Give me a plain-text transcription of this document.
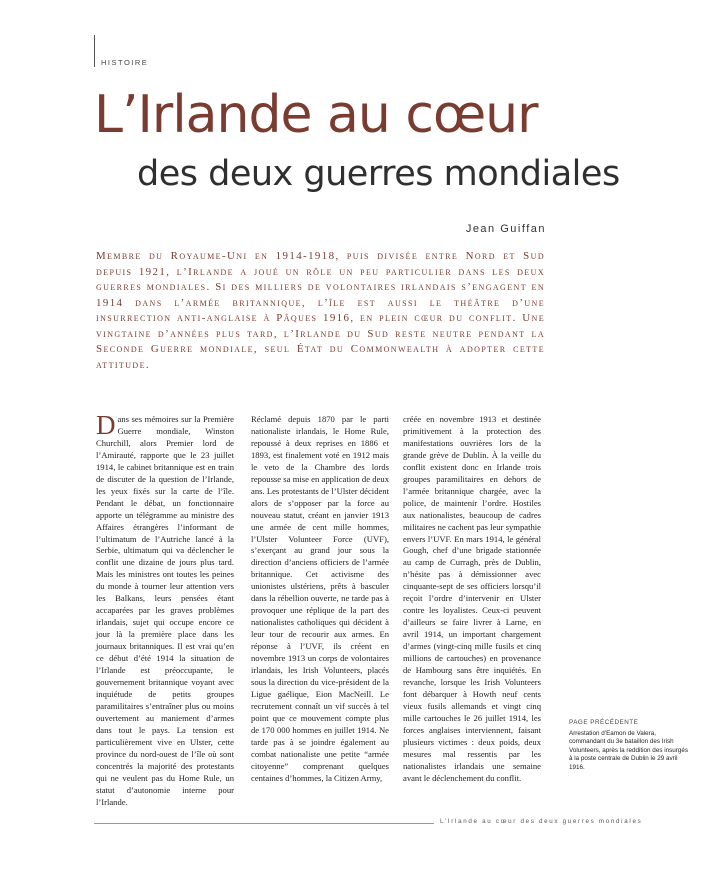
HISTOIRE
L’Irlande au cœur
des deux guerres mondiales
Jean Guiffan
Membre du Royaume-Uni en 1914-1918, puis divisée entre Nord et Sud depuis 1921, l’Irlande a joué un rôle un peu particulier dans les deux guerres mondiales. Si des milliers de volontaires irlandais s’engagent en 1914 dans l’armée britannique, l’île est aussi le théâtre d’une insurrection anti-anglaise à Pâques 1916, en plein cœur du conflit. Une vingtaine d’années plus tard, l’Irlande du Sud reste neutre pendant la Seconde Guerre mondiale, seul État du Commonwealth à adopter cette attitude.

Dans ses mémoires sur la Première Guerre mondiale, Winston Churchill, alors Premier lord de l’Amirauté, rapporte que le 23 juillet 1914, le cabinet britannique est en train de discuter de la question de l’Irlande, les yeux fixés sur la carte de l’île. Pendant le débat, un fonctionnaire apporte un télégramme au ministre des Affaires étrangères l’informant de l’ultimatum de l’Autriche lancé à la Serbie, ultimatum qui va déclencher le conflit une dizaine de jours plus tard. Mais les ministres ont toutes les peines du monde à tourner leur attention vers les Balkans, leurs pensées étant accaparées par les graves problèmes irlandais, sujet qui occupe encore ce jour là la première place dans les journaux britanniques. Il est vrai qu’en ce début d’été 1914 la situation de l’Irlande est préoccupante, le gouvernement britannique voyant avec inquiétude de petits groupes paramilitaires s’entraîner plus ou moins ouvertement au maniement d’armes dans tout le pays. La tension est particulièrement vive en Ulster, cette province du nord-ouest de l’île où sont concentrés la majorité des protestants qui ne veulent pas du Home Rule, un statut d’autonomie interne pour l’Irlande.

Réclamé depuis 1870 par le parti nationaliste irlandais, le Home Rule, repoussé à deux reprises en 1886 et 1893, est finalement voté en 1912 mais le veto de la Chambre des lords repousse sa mise en application de deux ans. Les protestants de l’Ulster décident alors de s’opposer par la force au nouveau statut, créant en janvier 1913 une armée de cent mille hommes, l’Ulster Volunteer Force (UVF), s’exerçant au grand jour sous la direction d’anciens officiers de l’armée britannique. Cet activisme des unionistes ulstériens, prêts à basculer dans la rébellion ouverte, ne tarde pas à provoquer une réplique de la part des nationalistes catholiques qui décident à leur tour de recourir aux armes. En réponse à l’UVF, ils créent en novembre 1913 un corps de volontaires irlandais, les Irish Volunteers, placés sous la direction du vice-président de la Ligue gaélique, Eion MacNeill. Le recrutement connaît un vif succès à tel point que ce mouvement compte plus de 170 000 hommes en juillet 1914. Ne tarde pas à se joindre également au combat nationaliste une petite “armée citoyenne” comprenant quelques centaines d’hommes, la Citizen Army,

créée en novembre 1913 et destinée primitivement à la protection des manifestations ouvrières lors de la grande grève de Dublin. À la veille du conflit existent donc en Irlande trois groupes paramilitaires en dehors de l’armée britannique chargée, avec la police, de maintenir l’ordre. Hostiles aux nationalistes, beaucoup de cadres militaires ne cachent pas leur sympathie envers l’UVF. En mars 1914, le général Gough, chef d’une brigade stationnée au camp de Curragh, près de Dublin, n’hésite pas à démissionner avec cinquante-sept de ses officiers lorsqu’il reçoit l’ordre d’intervenir en Ulster contre les loyalistes. Ceux-ci peuvent d’ailleurs se faire livrer à Larne, en avril 1914, un important chargement d’armes (vingt-cinq mille fusils et cinq millions de cartouches) en provenance de Hambourg sans être inquiétés. En revanche, lorsque les Irish Volunteers font débarquer à Howth neuf cents vieux fusils allemands et vingt cinq mille cartouches le 26 juillet 1914, les forces anglaises interviennent, faisant plusieurs victimes : deux poids, deux mesures mal ressentis par les nationalistes irlandais une semaine avant le déclenchement du conflit.

PAGE PRÉCÉDENTE
Arrestation d’Eamon de Valera, commandant du 3e bataillon des Irish Volunteers, après la reddition des insurgés à la poste centrale de Dublin le 29 avril 1916.
L’Irlande au cœur des deux guerres mondiales
